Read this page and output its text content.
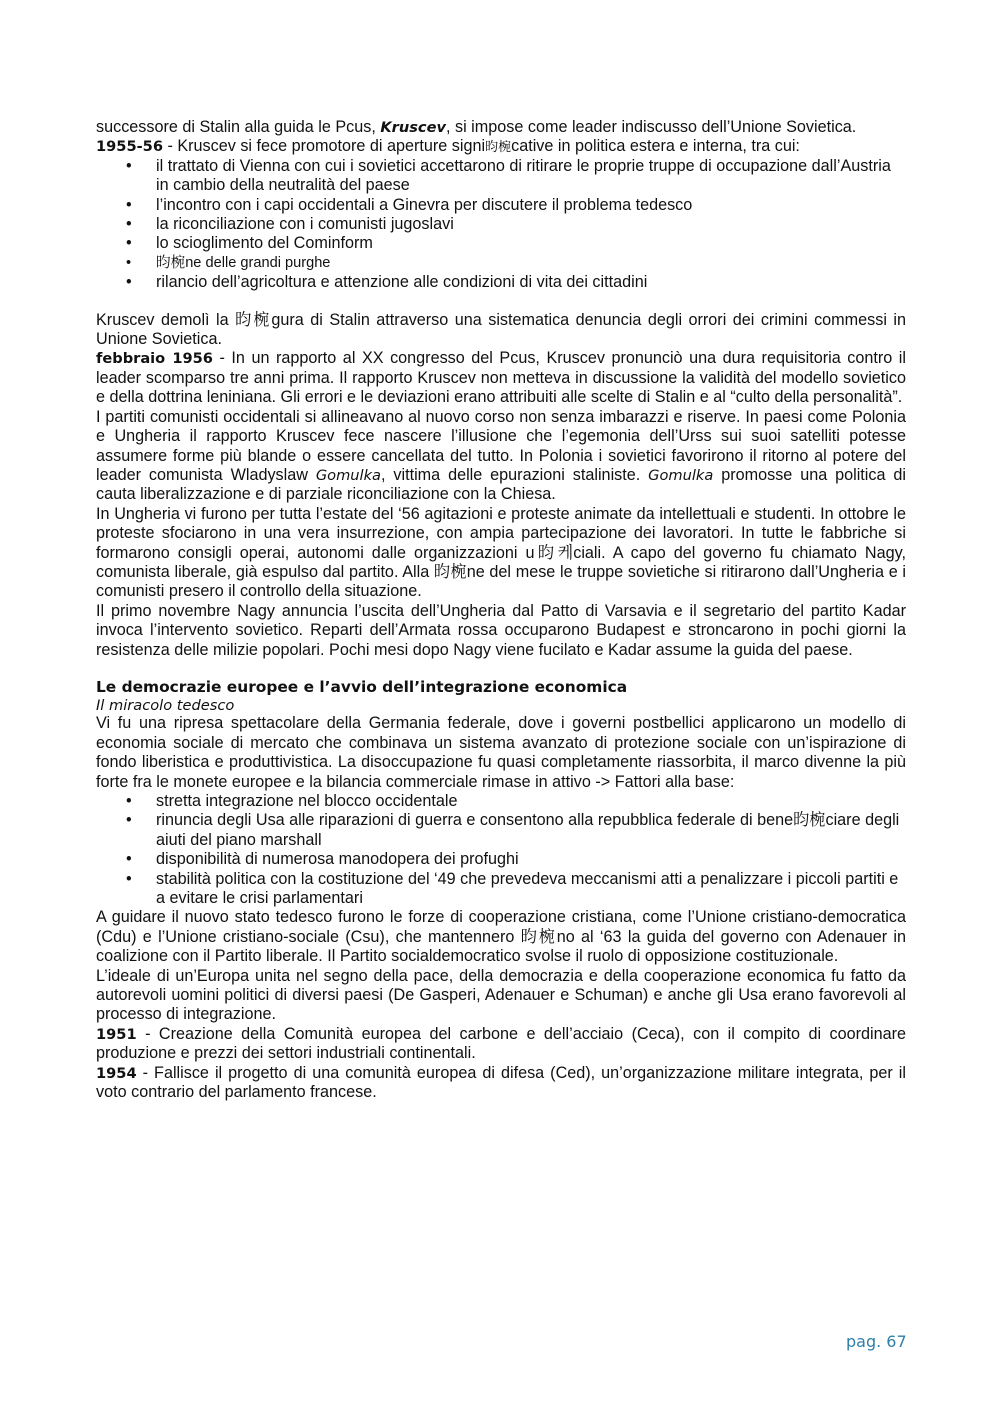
successore di Stalin alla guida le Pcus, Kruscev, si impose come leader indiscusso dell’Unione Sovietica.

1955-56 - Kruscev si fece promotore di aperture signi昀椀cative in politica estera e interna, tra cui:

• il trattato di Vienna con cui i sovietici accettarono di ritirare le proprie truppe di occupazione dall’Austria in cambio della neutralità del paese
• l’incontro con i capi occidentali a Ginevra per discutere il problema tedesco
• la riconciliazione con i comunisti jugoslavi
• lo scioglimento del Cominform
• 昀椀ne delle grandi purghe
• rilancio dell’agricoltura e attenzione alle condizioni di vita dei cittadini

Kruscev demolì la 昀椀gura di Stalin attraverso una sistematica denuncia degli orrori dei crimini commessi in Unione Sovietica.

febbraio 1956 - In un rapporto al XX congresso del Pcus, Kruscev pronunciò una dura requisitoria contro il leader scomparso tre anni prima. Il rapporto Kruscev non metteva in discussione la validità del modello sovietico e della dottrina leniniana. Gli errori e le deviazioni erano attribuiti alle scelte di Stalin e al “culto della personalità”.

I partiti comunisti occidentali si allineavano al nuovo corso non senza imbarazzi e riserve. In paesi come Polonia e Ungheria il rapporto Kruscev fece nascere l’illusione che l’egemonia dell’Urss sui suoi satelliti potesse assumere forme più blande o essere cancellata del tutto. In Polonia i sovietici favorirono il ritorno al potere del leader comunista Wladyslaw Gomulka, vittima delle epurazioni staliniste. Gomulka promosse una politica di cauta liberalizzazione e di parziale riconciliazione con la Chiesa.

In Ungheria vi furono per tutta l’estate del ‘56 agitazioni e proteste animate da intellettuali e studenti. In ottobre le proteste sfociarono in una vera insurrezione, con ampia partecipazione dei lavoratori. In tutte le fabbriche si formarono consigli operai, autonomi dalle organizzazioni u昀케ciali. A capo del governo fu chiamato Nagy, comunista liberale, già espulso dal partito. Alla 昀椀ne del mese le truppe sovietiche si ritirarono dall’Ungheria e i comunisti presero il controllo della situazione.

Il primo novembre Nagy annuncia l’uscita dell’Ungheria dal Patto di Varsavia e il segretario del partito Kadar invoca l’intervento sovietico. Reparti dell’Armata rossa occuparono Budapest e stroncarono in pochi giorni la resistenza delle milizie popolari. Pochi mesi dopo Nagy viene fucilato e Kadar assume la guida del paese.

Le democrazie europee e l’avvio dell’integrazione economica
Il miracolo tedesco

Vi fu una ripresa spettacolare della Germania federale, dove i governi postbellici applicarono un modello di economia sociale di mercato che combinava un sistema avanzato di protezione sociale con un’ispirazione di fondo liberistica e produttivistica. La disoccupazione fu quasi completamente riassorbita, il marco divenne la più forte fra le monete europee e la bilancia commerciale rimase in attivo -> Fattori alla base:

• stretta integrazione nel blocco occidentale
• rinuncia degli Usa alle riparazioni di guerra e consentono alla repubblica federale di bene昀椀ciare degli aiuti del piano marshall
• disponibilità di numerosa manodopera dei profughi
• stabilità politica con la costituzione del ‘49 che prevedeva meccanismi atti a penalizzare i piccoli partiti e a evitare le crisi parlamentari

A guidare il nuovo stato tedesco furono le forze di cooperazione cristiana, come l’Unione cristiano-democratica (Cdu) e l’Unione cristiano-sociale (Csu), che mantennero 昀椀no al ‘63 la guida del governo con Adenauer in coalizione con il Partito liberale. Il Partito socialdemocratico svolse il ruolo di opposizione costituzionale.

L’ideale di un’Europa unita nel segno della pace, della democrazia e della cooperazione economica fu fatto da autorevoli uomini politici di diversi paesi (De Gasperi, Adenauer e Schuman) e anche gli Usa erano favorevoli al processo di integrazione.

1951 - Creazione della Comunità europea del carbone e dell’acciaio (Ceca), con il compito di coordinare produzione e prezzi dei settori industriali continentali.

1954 - Fallisce il progetto di una comunità europea di difesa (Ced), un’organizzazione militare integrata, per il voto contrario del parlamento francese.

pag. 67
